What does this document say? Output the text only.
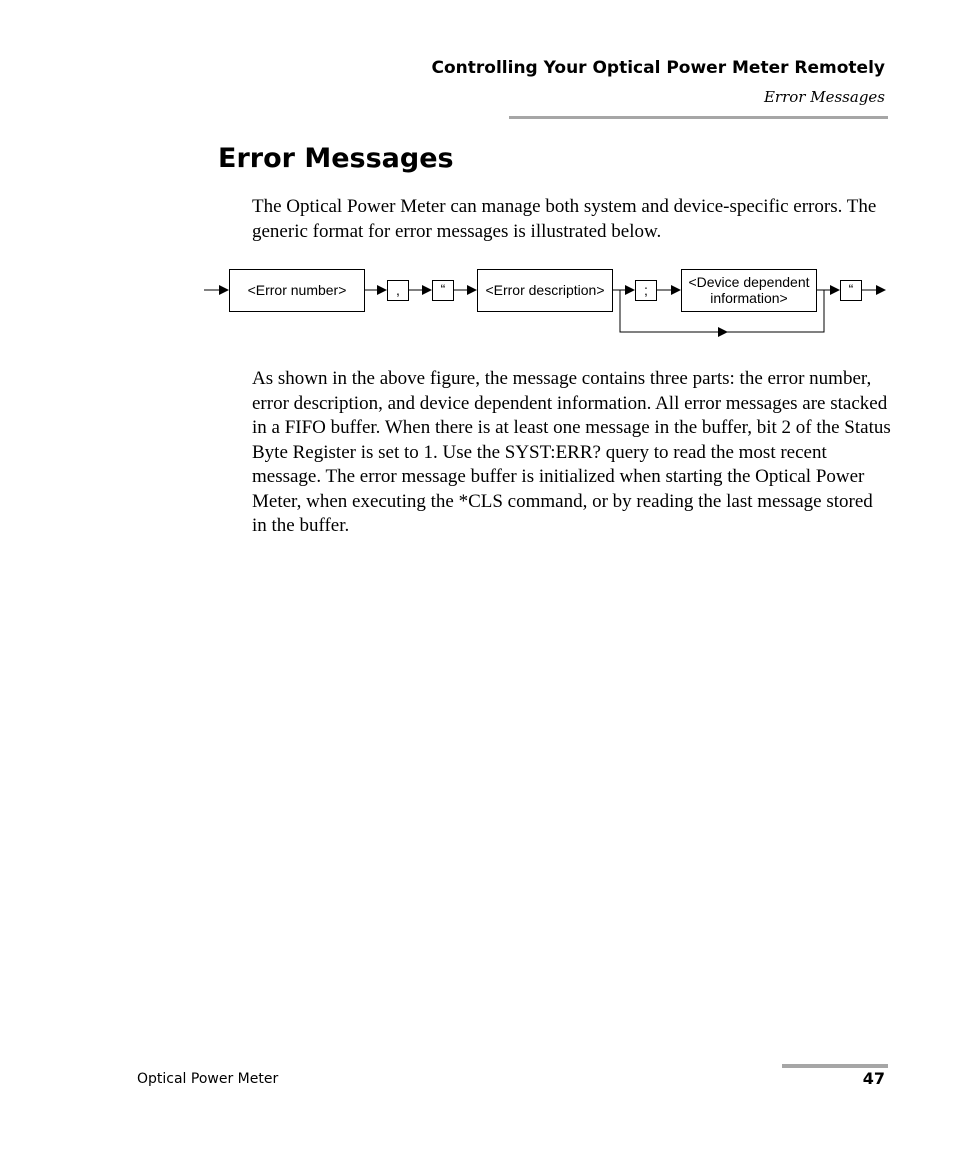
Controlling Your Optical Power Meter Remotely
Error Messages
Error Messages

The Optical Power Meter can manage both system and device-specific errors. The generic format for error messages is illustrated below.

<Error number>	,	“	<Error description>	;	<Device dependent
information>
“

As shown in the above figure, the message contains three parts: the error number, error description, and device dependent information. All error messages are stacked in a FIFO buffer. When there is at least one message in the buffer, bit 2 of the Status Byte Register is set to 1. Use the SYST:ERR? query to read the most recent message. The error message buffer is initialized when starting the Optical Power Meter, when executing the *CLS command, or by reading the last message stored in the buffer.

Optical Power Meter	47
